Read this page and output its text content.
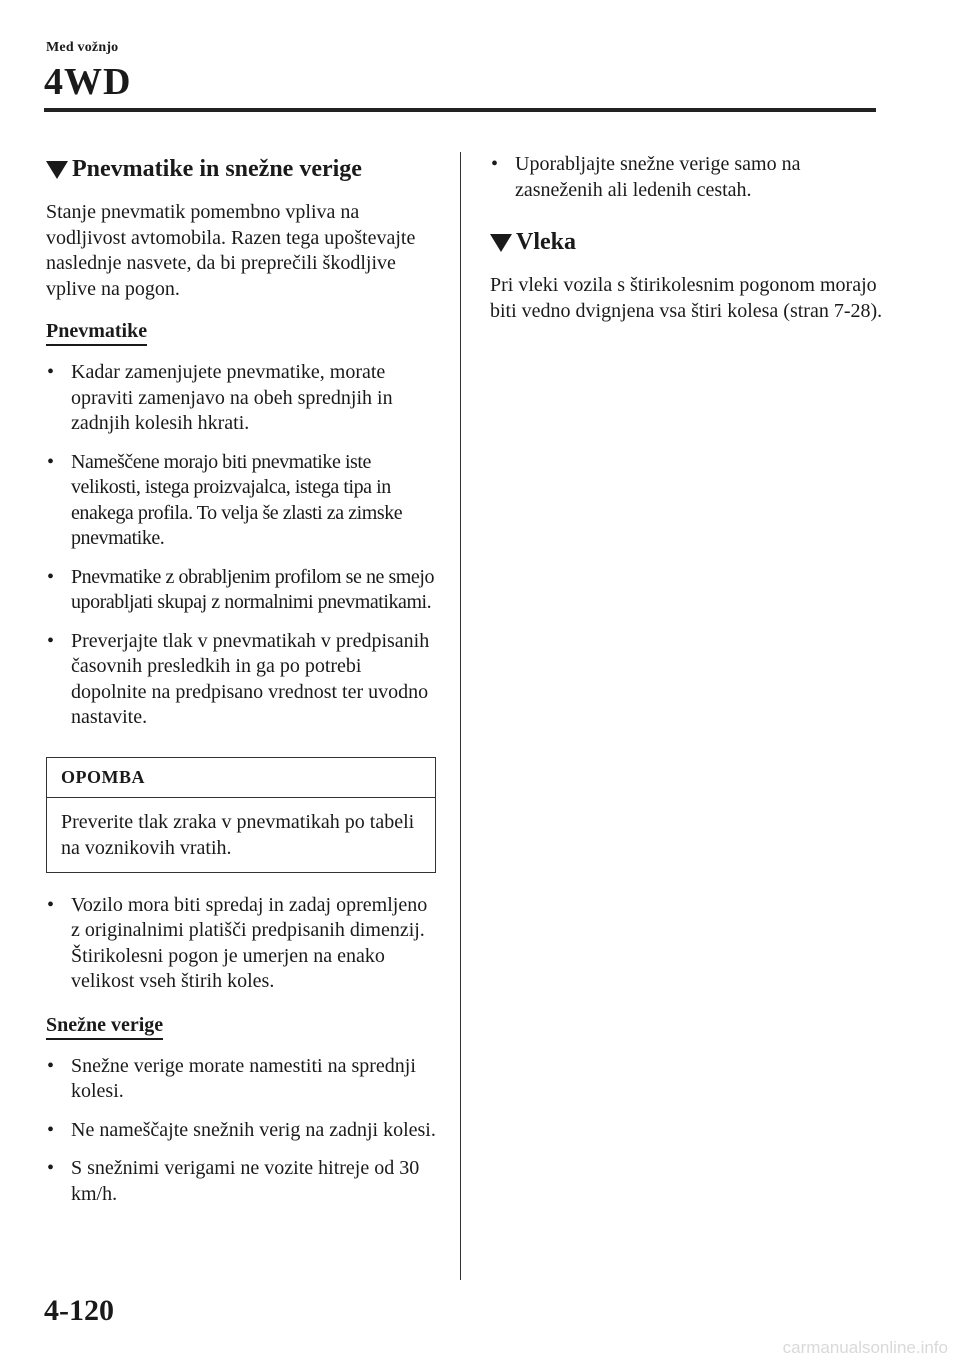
Med vožnjo
4WD
Pnevmatike in snežne verige

Stanje pnevmatik pomembno vpliva na vodljivost avtomobila. Razen tega upoštevajte naslednje nasvete, da bi preprečili škodljive vplive na pogon.

Pnevmatike
• Kadar zamenjujete pnevmatike, morate opraviti zamenjavo na obeh sprednjih in zadnjih kolesih hkrati.
• Nameščene morajo biti pnevmatike iste velikosti, istega proizvajalca, istega tipa in enakega profila. To velja še zlasti za zimske pnevmatike.
• Pnevmatike z obrabljenim profilom se ne smejo uporabljati skupaj z normalnimi pnevmatikami.
• Preverjajte tlak v pnevmatikah v predpisanih časovnih presledkih in ga po potrebi dopolnite na predpisano vrednost ter uvodno nastavite.
OPOMBA
Preverite tlak zraka v pnevmatikah po tabeli na voznikovih vratih.
• Vozilo mora biti spredaj in zadaj opremljeno z originalnimi platišči predpisanih dimenzij. Štirikolesni pogon je umerjen na enako velikost vseh štirih koles.
Snežne verige
• Snežne verige morate namestiti na sprednji kolesi.
• Ne nameščajte snežnih verig na zadnji kolesi.
• S snežnimi verigami ne vozite hitreje od 30 km/h.
• Uporabljajte snežne verige samo na zasneženih ali ledenih cestah.
Vleka

Pri vleki vozila s štirikolesnim pogonom morajo biti vedno dvignjena vsa štiri kolesa (stran 7-28).

4-120
carmanualsonline.info
